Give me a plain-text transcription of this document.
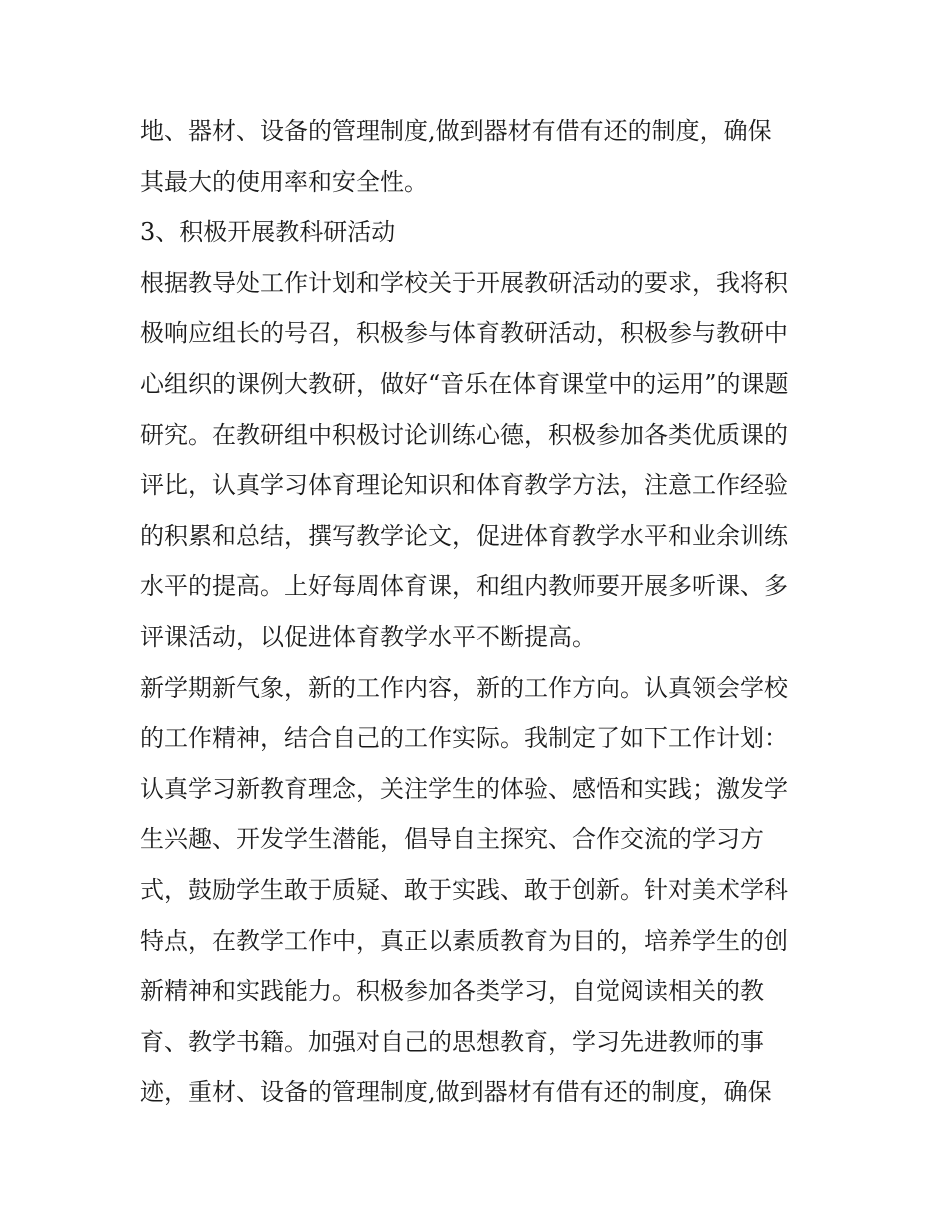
地、器材、设备的管理制度,做到器材有借有还的制度，确保
其最大的使用率和安全性。
3、积极开展教科研活动
根据教导处工作计划和学校关于开展教研活动的要求，我将积
极响应组长的号召，积极参与体育教研活动，积极参与教研中
心组织的课例大教研，做好“音乐在体育课堂中的运用”的课题
研究。在教研组中积极讨论训练心德，积极参加各类优质课的
评比，认真学习体育理论知识和体育教学方法，注意工作经验
的积累和总结，撰写教学论文，促进体育教学水平和业余训练
水平的提高。上好每周体育课，和组内教师要开展多听课、多
评课活动，以促进体育教学水平不断提高。
新学期新气象，新的工作内容，新的工作方向。认真领会学校
的工作精神，结合自己的工作实际。我制定了如下工作计划：
认真学习新教育理念，关注学生的体验、感悟和实践；激发学
生兴趣、开发学生潜能，倡导自主探究、合作交流的学习方
式，鼓励学生敢于质疑、敢于实践、敢于创新。针对美术学科
特点，在教学工作中，真正以素质教育为目的，培养学生的创
新精神和实践能力。积极参加各类学习，自觉阅读相关的教
育、教学书籍。加强对自己的思想教育，学习先进教师的事
迹，重材、设备的管理制度,做到器材有借有还的制度，确保
